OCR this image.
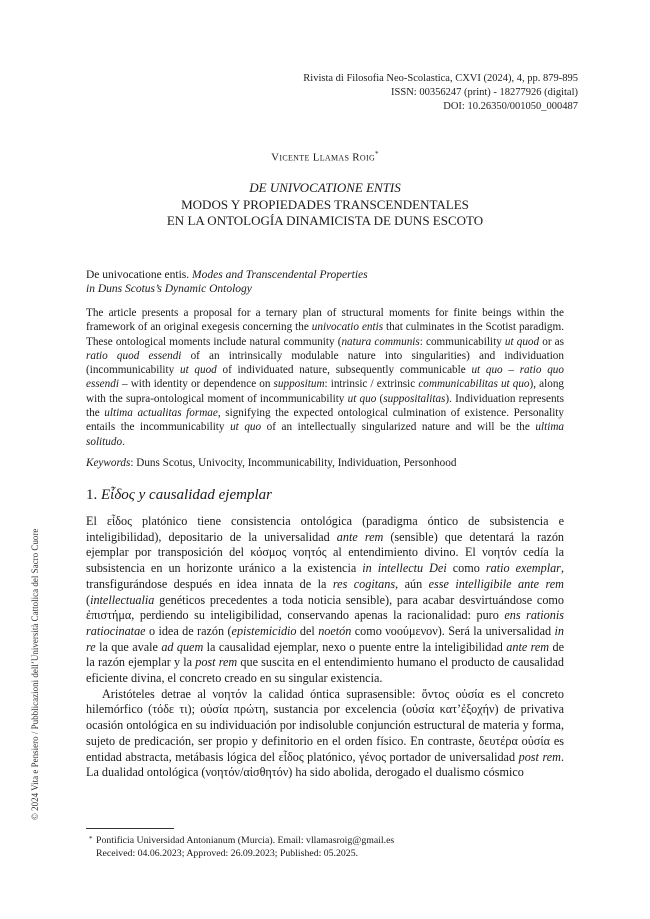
Rivista di Filosofia Neo-Scolastica, CXVI (2024), 4, pp. 879-895
ISSN: 00356247 (print) - 18277926 (digital)
DOI: 10.26350/001050_000487
Vicente Llamas Roig*
DE UNIVOCATIONE ENTIS
MODOS Y PROPIEDADES TRANSCENDENTALES
EN LA ONTOLOGÍA DINAMICISTA DE DUNS ESCOTO
De univocatione entis. Modes and Transcendental Properties
in Duns Scotus’s Dynamic Ontology
The article presents a proposal for a ternary plan of structural moments for finite beings within the framework of an original exegesis concerning the univocatio entis that culminates in the Scotist paradigm. These ontological moments include natural community (natura communis: communicability ut quod or as ratio quod essendi of an intrinsically modulable nature into singularities) and individuation (incommunicability ut quod of individuated nature, subsequently communicable ut quo – ratio quo essendi – with identity or dependence on suppositum: intrinsic / extrinsic communicabilitas ut quo), along with the supra-ontological moment of incommunicability ut quo (suppositalitas). Individuation represents the ultima actualitas formae, signifying the expected ontological culmination of existence. Personality entails the incommunicability ut quo of an intellectually singularized nature and will be the ultima solitudo.
Keywords: Duns Scotus, Univocity, Incommunicability, Individuation, Personhood
1. Εἶδος y causalidad ejemplar

El εἶδος platónico tiene consistencia ontológica (paradigma óntico de subsistencia e inteligibilidad), depositario de la universalidad ante rem (sensible) que detentará la razón ejemplar por transposición del κόσμος νοητός al entendimiento divino. El νοητόν cedía la subsistencia en un horizonte uránico a la existencia in intellectu Dei como ratio exemplar, transfigurándose después en idea innata de la res cogitans, aún esse intelligibile ante rem (intellectualia genéticos precedentes a toda noticia sensible), para acabar desvirtuándose como ἐπιστήμα, perdiendo su inteligibilidad, conservando apenas la racionalidad: puro ens rationis ratiocinatae o idea de razón (epistemicidio del noetón como νοούμενον). Será la universalidad in re la que avale ad quem la causalidad ejemplar, nexo o puente entre la inteligibilidad ante rem de la razón ejemplar y la post rem que suscita en el entendimiento humano el producto de causalidad eficiente divina, el concreto creado en su singular existencia.

Aristóteles detrae al νοητόν la calidad óntica suprasensible: ὄντος οὐσία es el concreto hilemórfico (τόδε τι); οὐσία πρώτη, sustancia por excelencia (οὐσία κατ’ἐξοχήν) de privativa ocasión ontológica en su individuación por indisoluble conjunción estructural de materia y forma, sujeto de predicación, ser propio y definitorio en el orden físico. En contraste, δευτέρα οὐσία es entidad abstracta, metábasis lógica del εἶδος platónico, γένος portador de universalidad post rem. La dualidad ontológica (νοητόν/αἰσθητόν) ha sido abolida, derogado el dualismo cósmico

* Pontificia Universidad Antonianum (Murcia). Email: vllamasroig@gmail.es
Received: 04.06.2023; Approved: 26.09.2023; Published: 05.2025.
© 2024 Vita e Pensiero / Pubblicazioni dell’Università Cattolica del Sacro Cuore
